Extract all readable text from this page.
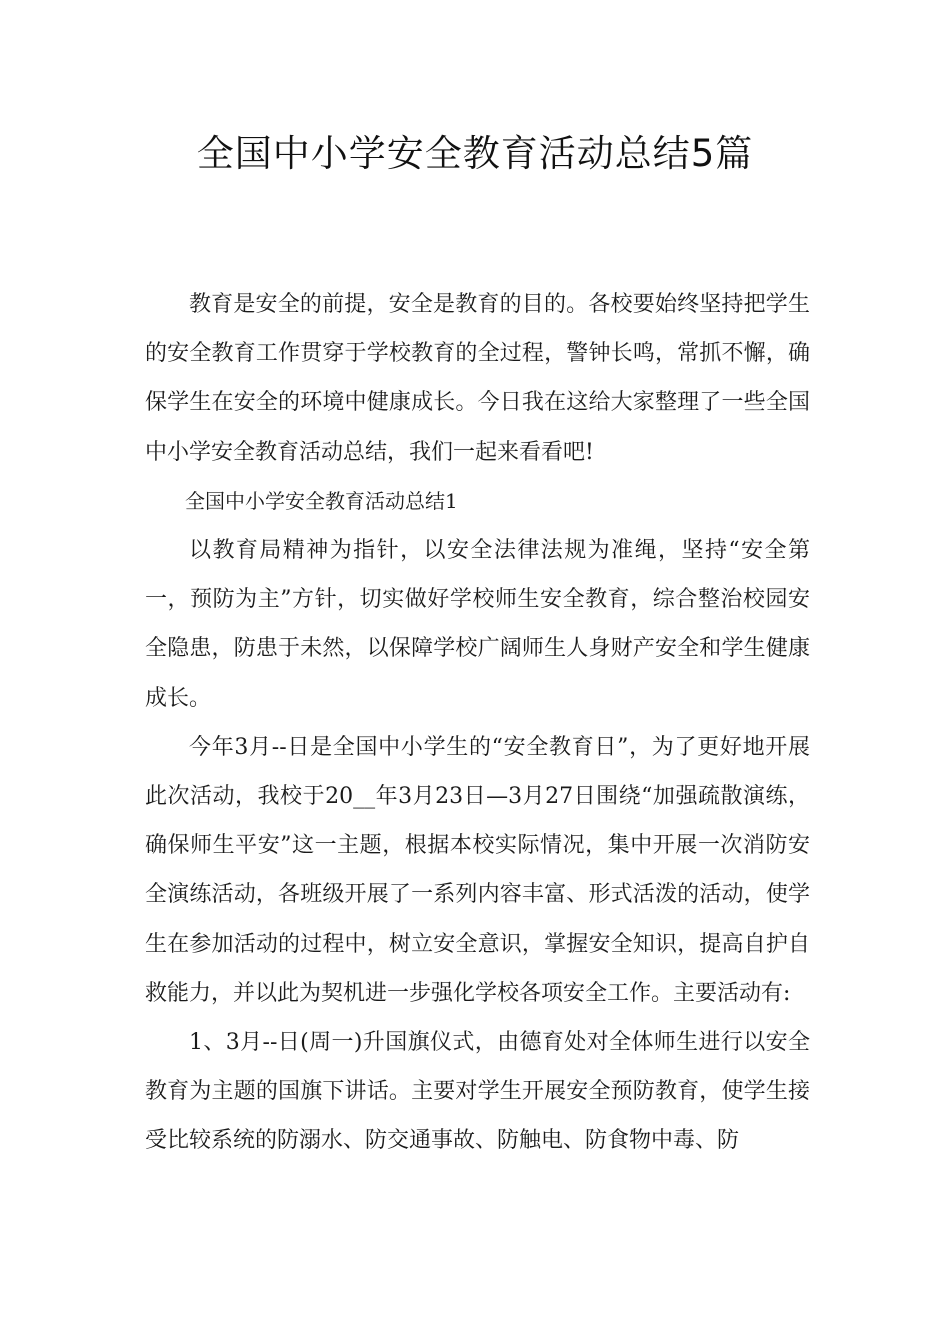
全国中小学安全教育活动总结5篇

教育是安全的前提，安全是教育的目的。各校要始终坚持把学生的安全教育工作贯穿于学校教育的全过程，警钟长鸣，常抓不懈，确保学生在安全的环境中健康成长。今日我在这给大家整理了一些全国中小学安全教育活动总结，我们一起来看看吧!

全国中小学安全教育活动总结1

以教育局精神为指针，以安全法律法规为准绳，坚持“安全第一，预防为主”方针，切实做好学校师生安全教育，综合整治校园安全隐患，防患于未然，以保障学校广阔师生人身财产安全和学生健康成长。

今年3月--日是全国中小学生的“安全教育日”，为了更好地开展此次活动，我校于20__年3月23日—3月27日围绕“加强疏散演练，确保师生平安”这一主题，根据本校实际情况，集中开展一次消防安全演练活动，各班级开展了一系列内容丰富、形式活泼的活动，使学生在参加活动的过程中，树立安全意识，掌握安全知识，提高自护自救能力，并以此为契机进一步强化学校各项安全工作。主要活动有:

1、3月--日(周一)升国旗仪式，由德育处对全体师生进行以安全教育为主题的国旗下讲话。主要对学生开展安全预防教育，使学生接受比较系统的防溺水、防交通事故、防触电、防食物中毒、防
